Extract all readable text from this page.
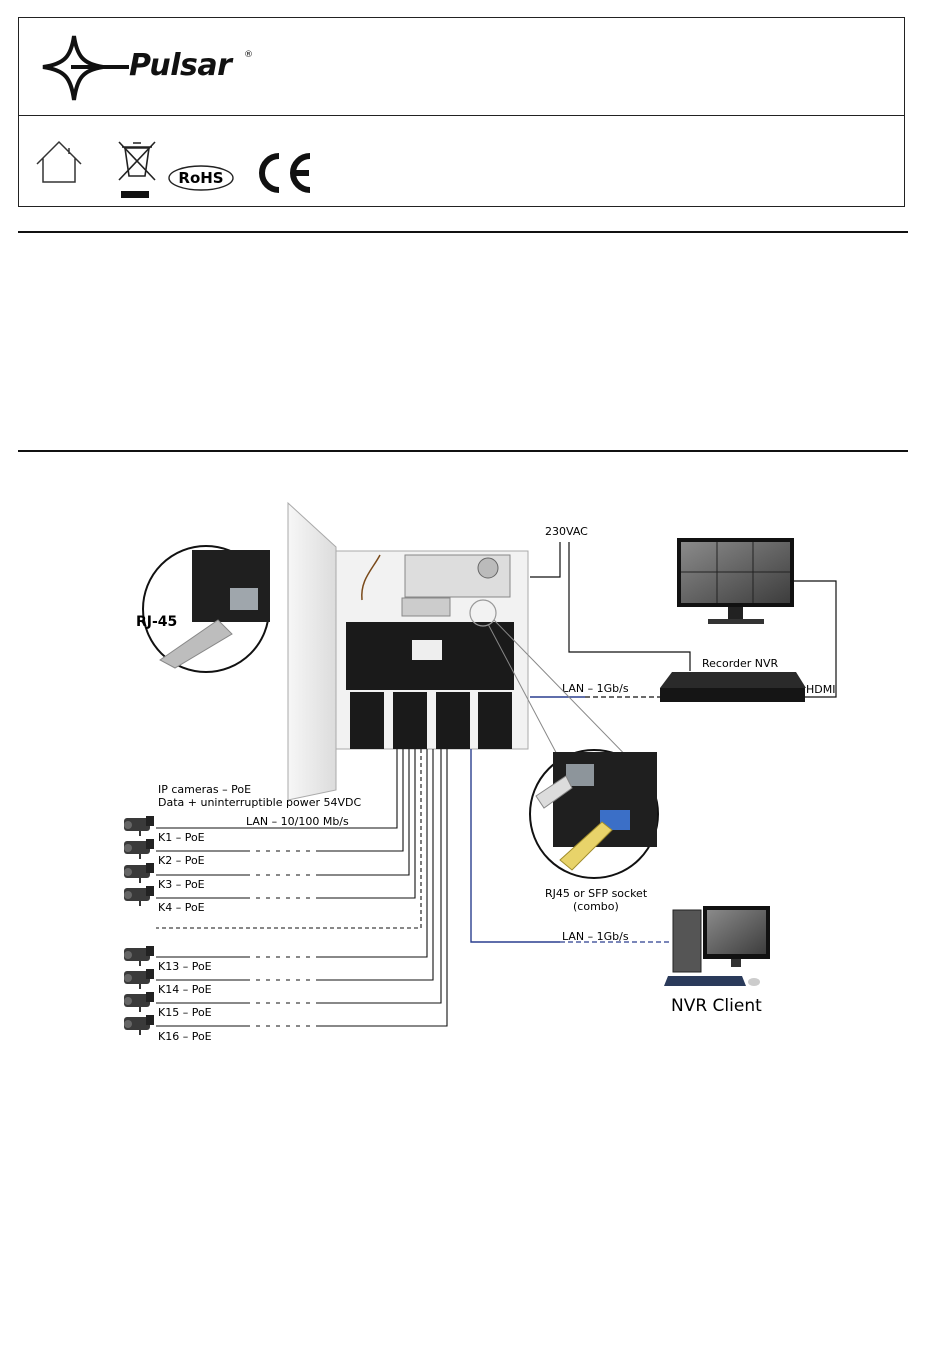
Pulsar ®
RoHS
RJ-45
230VAC
HDMI
Recorder NVR
LAN – 1Gb/s
RJ45 or SFP socket
(combo)
LAN – 1Gb/s
NVR Client
IP cameras – PoE
Data + uninterruptible power 54VDC
LAN – 10/100 Mb/s
K1 – PoE
K2 – PoE
K3 – PoE
K4 – PoE
K13 – PoE
K14 – PoE
K15 – PoE
K16 – PoE
